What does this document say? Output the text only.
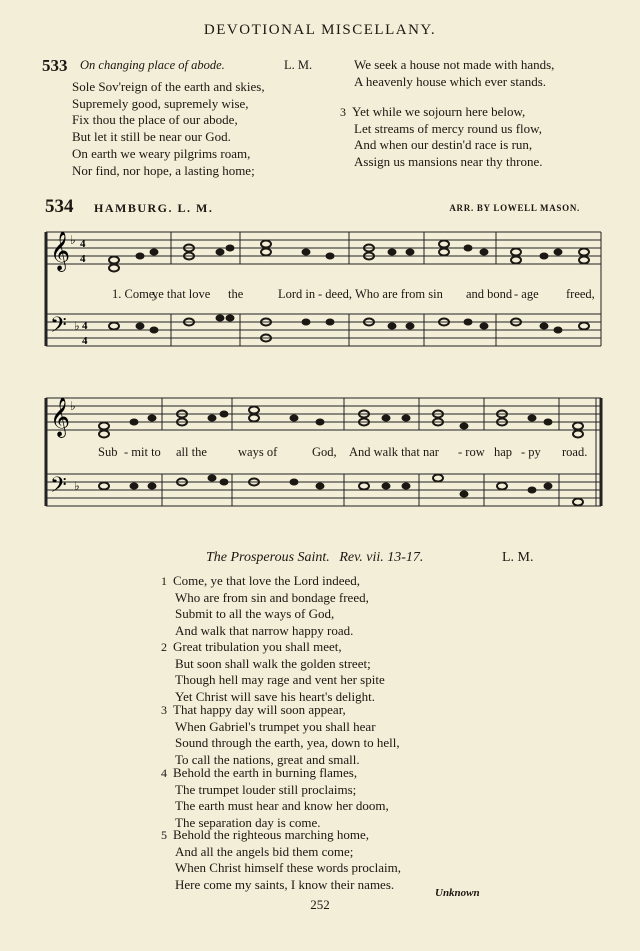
DEVOTIONAL MISCELLANY.
533 On changing place of abode.	L. M.
Sole Sov'reign of the earth and skies,
Supremely good, supremely wise,
Fix thou the place of our abode,
But let it still be near our God.
On earth we weary pilgrims roam,
Nor find, nor hope, a lasting home;
We seek a house not made with hands,
A heavenly house which ever stands.
3 Yet while we sojourn here below,
Let streams of mercy round us flow,
And when our destin'd race is run,
Assign us mansions near thy throne.
534 HAMBURG. L. M.	ARR. BY LOWELL MASON.
𝄞
𝄢
♭
♭
4
4
4
4
1. Come,
ye that love the	Lord in - deed, Who are from sin and bond - age freed,
𝄞
𝄢
♭
♭
Sub - mit to all the ways of	God, And walk that nar - row hap - py road.
The Prosperous Saint. Rev. vii. 13-17.	L. M.
1 Come, ye that love the Lord indeed,
Who are from sin and bondage freed,
Submit to all the ways of God,
And walk that narrow happy road.
2 Great tribulation you shall meet,
But soon shall walk the golden street;
Though hell may rage and vent her spite
Yet Christ will save his heart's delight.
3 That happy day will soon appear,
When Gabriel's trumpet you shall hear
Sound through the earth, yea, down to hell,
To call the nations, great and small.
4 Behold the earth in burning flames,
The trumpet louder still proclaims;
The earth must hear and know her doom,
The separation day is come.
5 Behold the righteous marching home,
And all the angels bid them come;
When Christ himself these words proclaim,
Here come my saints, I know their names.
Unknown
252
